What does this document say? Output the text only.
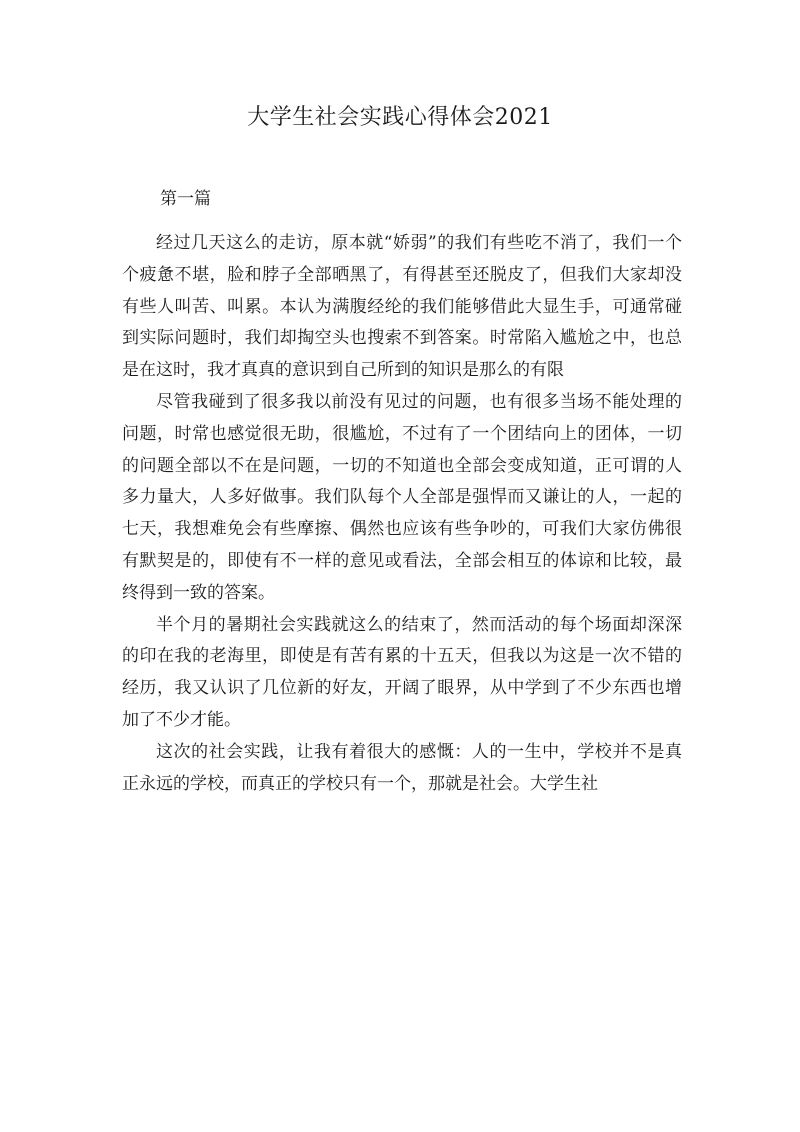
大学生社会实践心得体会2021
第一篇

经过几天这么的走访，原本就“娇弱”的我们有些吃不消了，我们一个个疲惫不堪，脸和脖子全部晒黑了，有得甚至还脱皮了，但我们大家却没有些人叫苦、叫累。本认为满腹经纶的我们能够借此大显生手，可通常碰到实际问题时，我们却掏空头也搜索不到答案。时常陷入尴尬之中，也总是在这时，我才真真的意识到自己所到的知识是那么的有限

尽管我碰到了很多我以前没有见过的问题，也有很多当场不能处理的问题，时常也感觉很无助，很尴尬，不过有了一个团结向上的团体，一切的问题全部以不在是问题，一切的不知道也全部会变成知道，正可谓的人多力量大，人多好做事。我们队每个人全部是强悍而又谦让的人，一起的七天，我想难免会有些摩擦、偶然也应该有些争吵的，可我们大家仿佛很有默契是的，即使有不一样的意见或看法，全部会相互的体谅和比较，最终得到一致的答案。

半个月的暑期社会实践就这么的结束了，然而活动的每个场面却深深的印在我的老海里，即使是有苦有累的十五天，但我以为这是一次不错的经历，我又认识了几位新的好友，开阔了眼界，从中学到了不少东西也增加了不少才能。

这次的社会实践，让我有着很大的感慨：人的一生中，学校并不是真正永远的学校，而真正的学校只有一个，那就是社会。大学生社
